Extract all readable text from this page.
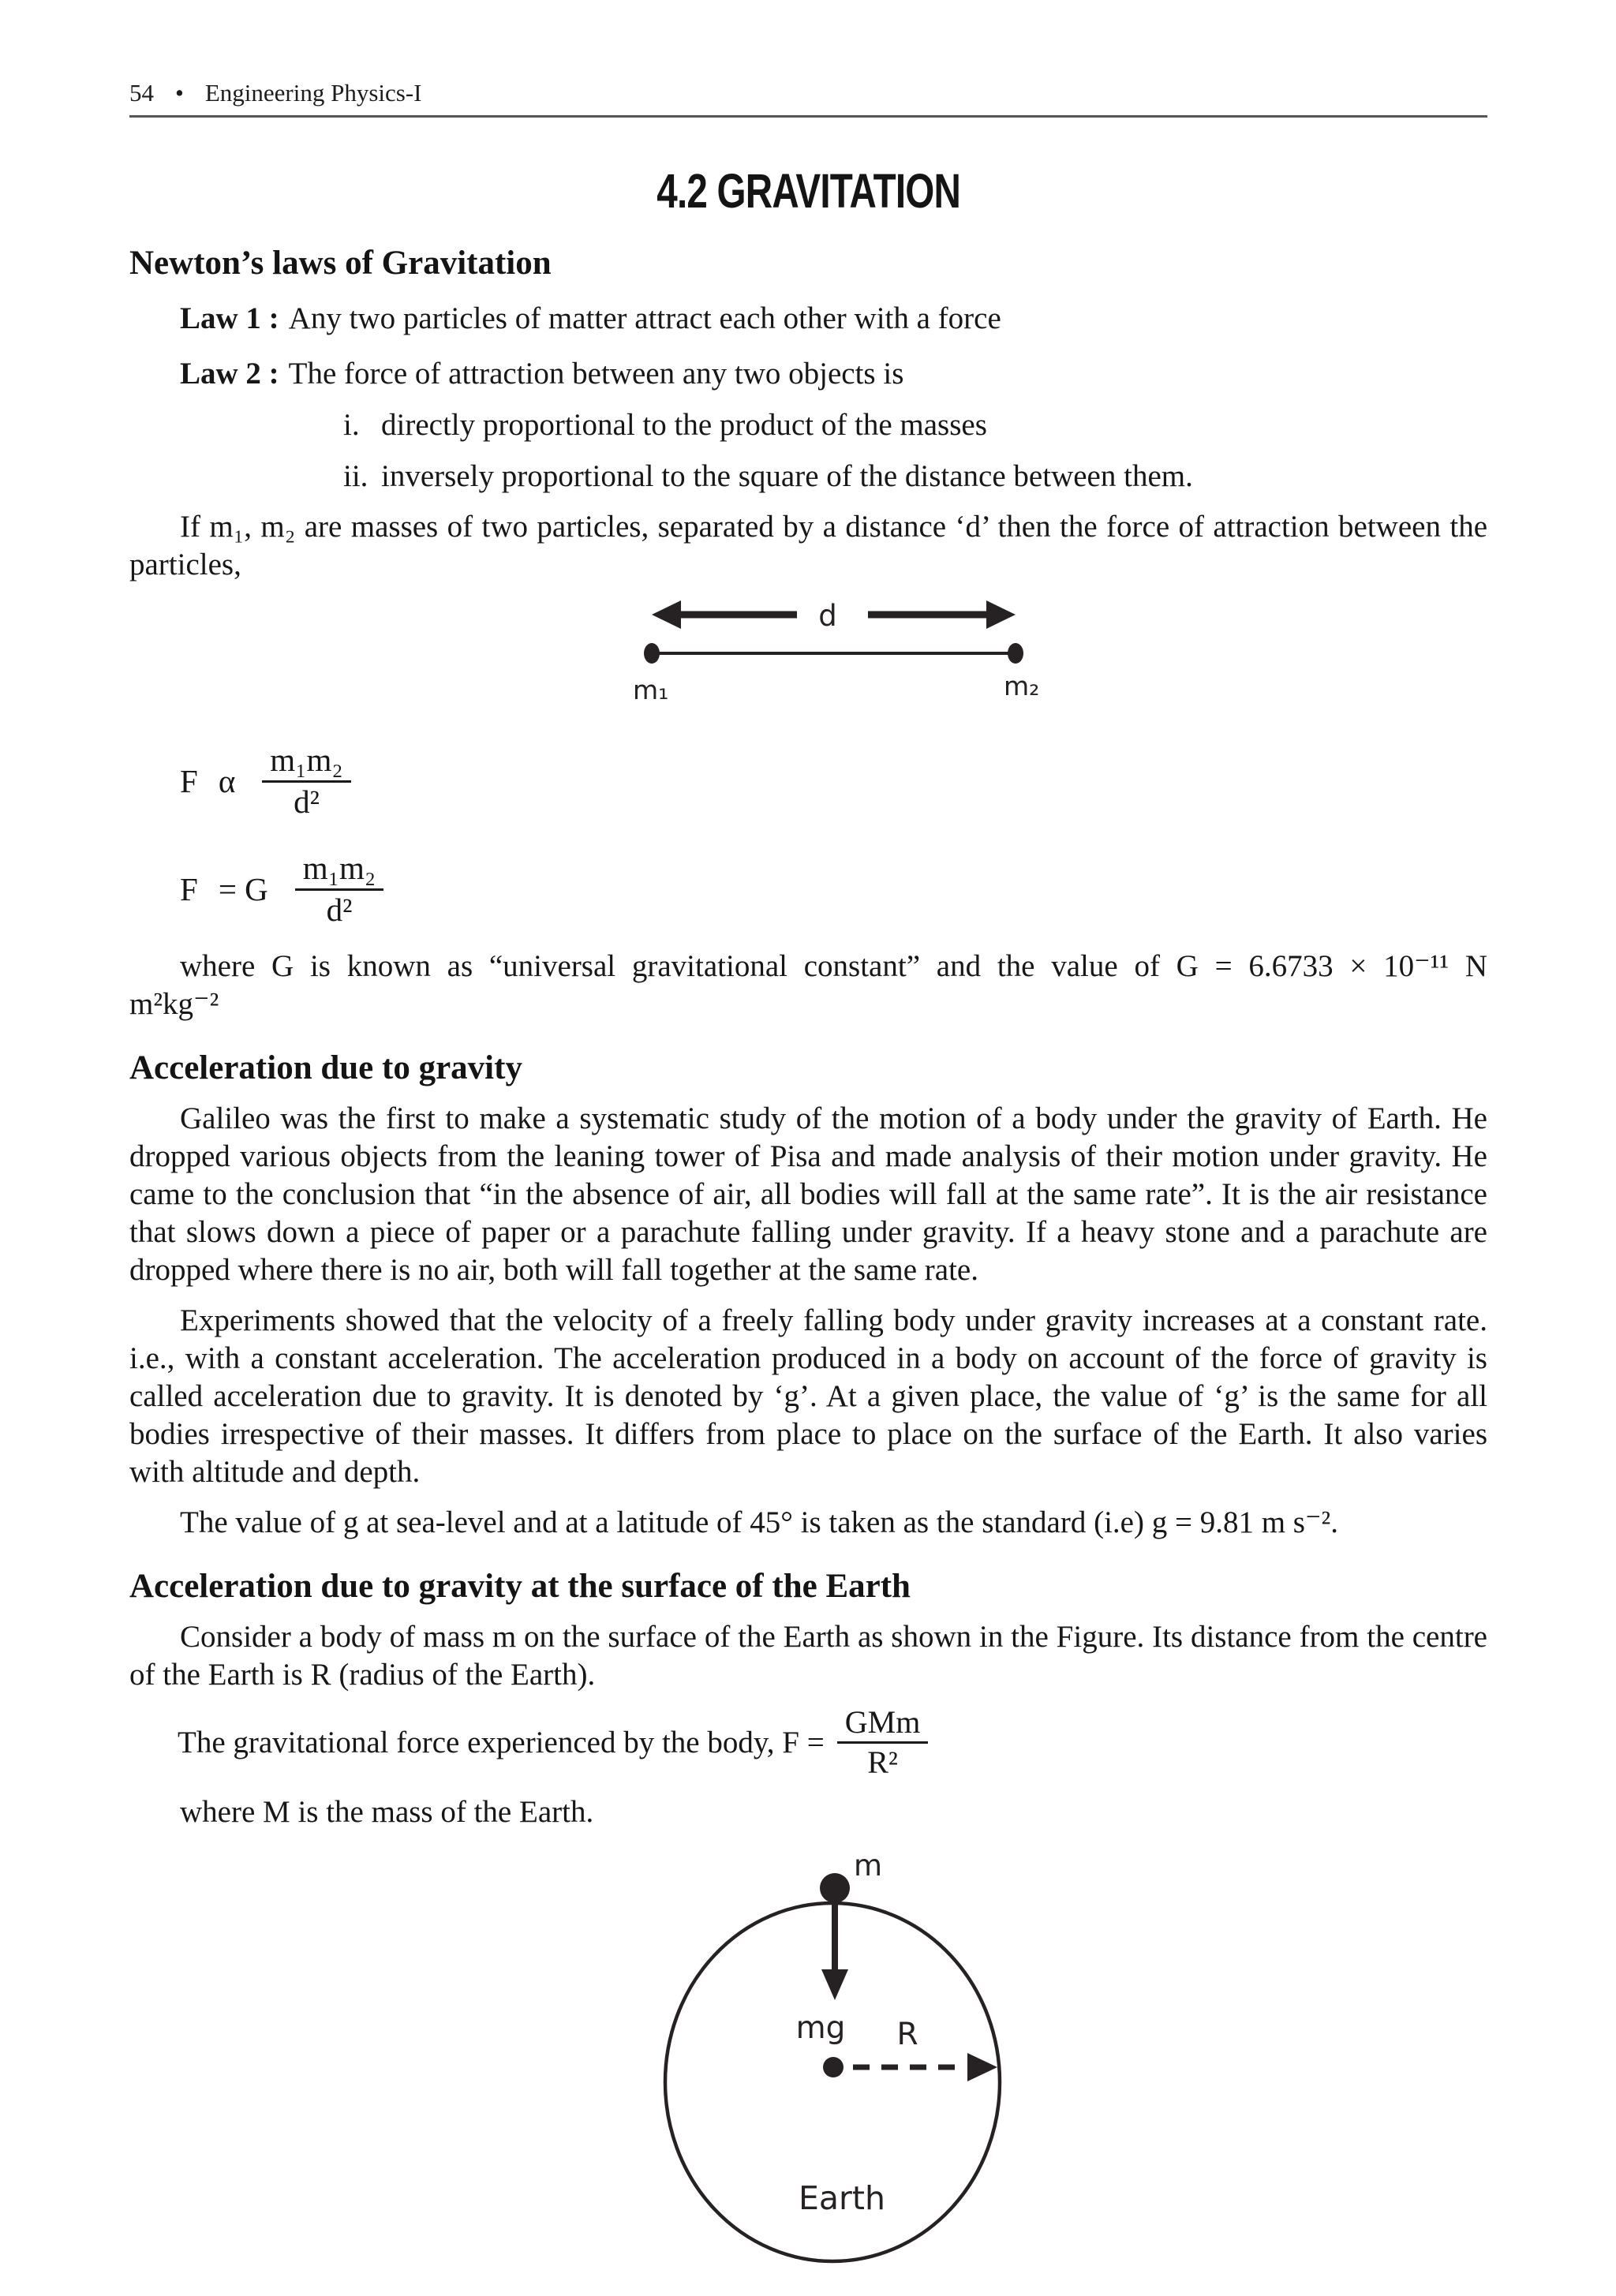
54 • Engineering Physics-I
4.2 GRAVITATION
Newton’s laws of Gravitation
Law 1 : Any two particles of matter attract each other with a force
Law 2 : The force of attraction between any two objects is
i. directly proportional to the product of the masses
ii. inversely proportional to the square of the distance between them.
If m₁, m₂ are masses of two particles, separated by a distance ‘d’ then the force of attraction between the particles,
d
m₁	m₂
F α $\frac{\text{m₁m₂}}{\text{d²}}$
F = G $\frac{\text{m₁m₂}}{\text{d²}}$
where G is known as “universal gravitational constant” and the value of G = 6.6733 × 10⁻¹¹ N
m²kg⁻²
Acceleration due to gravity
Galileo was the first to make a systematic study of the motion of a body under the gravity of Earth. He dropped various objects from the leaning tower of Pisa and made analysis of their motion under gravity. He came to the conclusion that “in the absence of air, all bodies will fall at the same rate”. It is the air resistance that slows down a piece of paper or a parachute falling under gravity. If a heavy stone and a parachute are dropped where there is no air, both will fall together at the same rate.
Experiments showed that the velocity of a freely falling body under gravity increases at a constant rate. i.e., with a constant acceleration. The acceleration produced in a body on account of the force of gravity is called acceleration due to gravity. It is denoted by ‘g’. At a given place, the value of ‘g’ is the same for all bodies irrespective of their masses. It differs from place to place on the surface of the Earth. It also varies with altitude and depth.
The value of g at sea-level and at a latitude of 45° is taken as the standard (i.e) g = 9.81 m s⁻².
Acceleration due to gravity at the surface of the Earth
Consider a body of mass m on the surface of the Earth as shown in the Figure. Its distance from the centre of the Earth is R (radius of the Earth).
The gravitational force experienced by the body, $F = \frac{\text{GMm}}{\text{R²}}$
where M is the mass of the Earth.
m
mg R
Earth
